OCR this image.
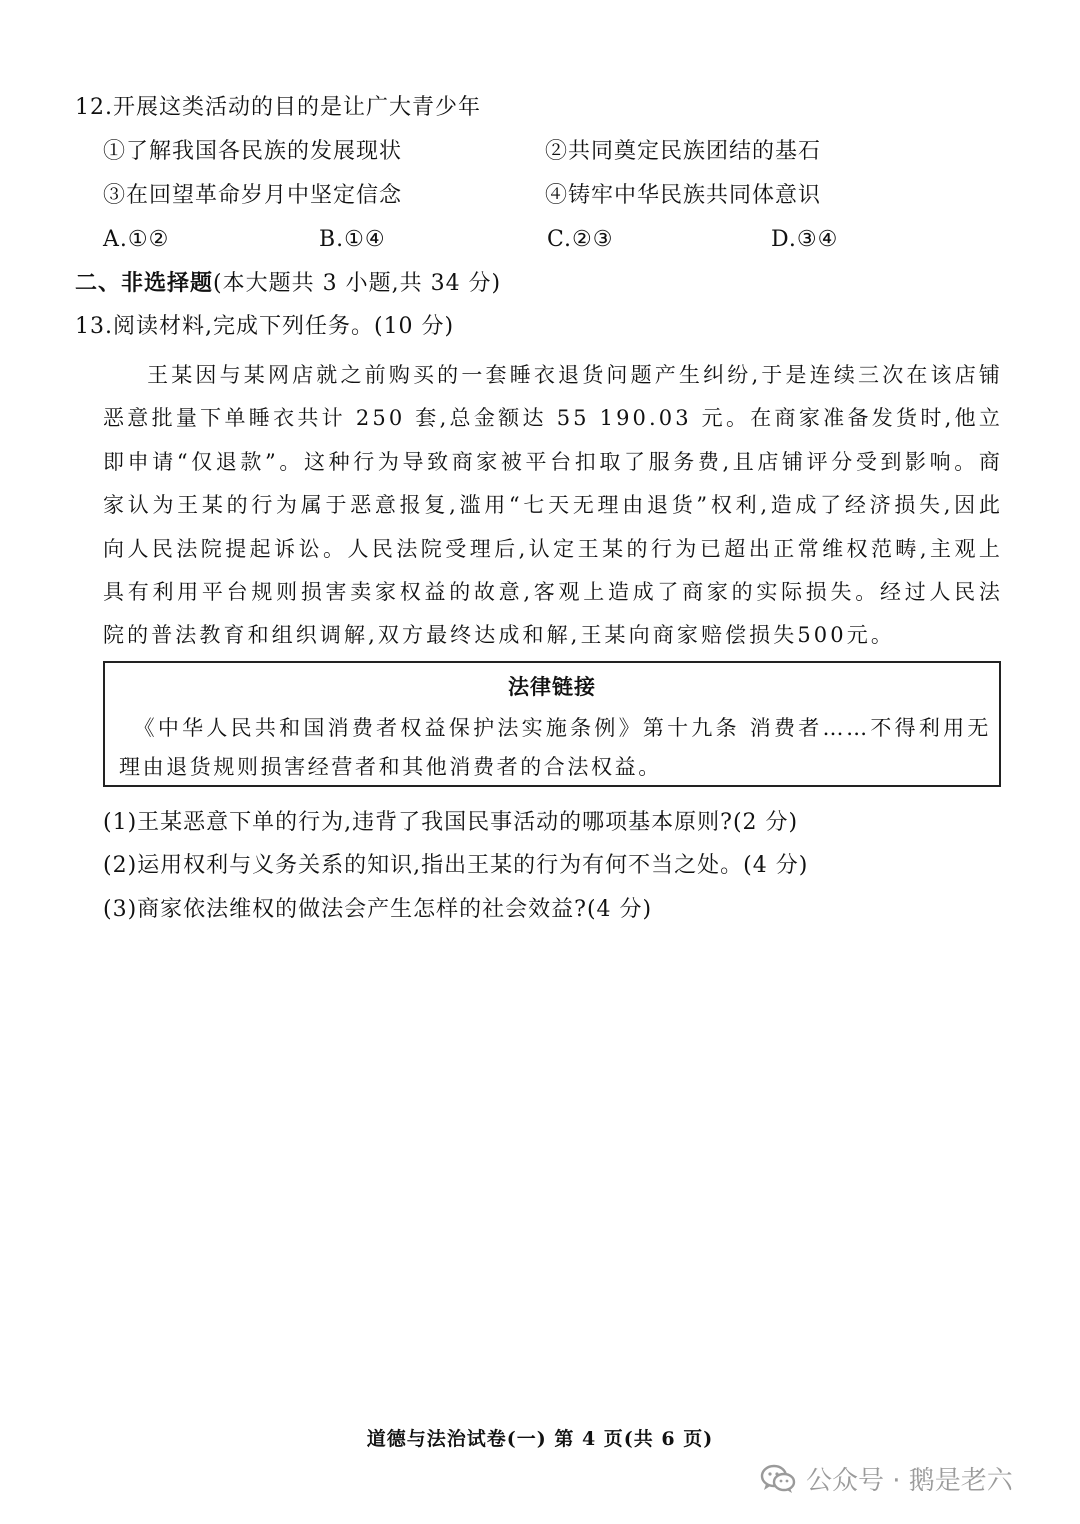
12.开展这类活动的目的是让广大青少年
①了解我国各民族的发展现状	②共同奠定民族团结的基石
③在回望革命岁月中坚定信念	④铸牢中华民族共同体意识
A.①②	B.①④	C.②③	D.③④
二、非选择题(本大题共 3 小题,共 34 分)
13.阅读材料,完成下列任务。(10 分)
王某因与某网店就之前购买的一套睡衣退货问题产生纠纷,于是连续三次在该店铺恶意批量下单睡衣共计 250 套,总金额达 55 190.03 元。在商家准备发货时,他立即申请“仅退款”。这种行为导致商家被平台扣取了服务费,且店铺评分受到影响。商家认为王某的行为属于恶意报复,滥用“七天无理由退货”权利,造成了经济损失,因此向人民法院提起诉讼。人民法院受理后,认定王某的行为已超出正常维权范畴,主观上具有利用平台规则损害卖家权益的故意,客观上造成了商家的实际损失。经过人民法院的普法教育和组织调解,双方最终达成和解,王某向商家赔偿损失500元。
法律链接
《中华人民共和国消费者权益保护法实施条例》第十九条 消费者……不得利用无理由退货规则损害经营者和其他消费者的合法权益。
(1)王某恶意下单的行为,违背了我国民事活动的哪项基本原则?(2 分)
(2)运用权利与义务关系的知识,指出王某的行为有何不当之处。(4 分)
(3)商家依法维权的做法会产生怎样的社会效益?(4 分)
道德与法治试卷(一) 第 4 页(共 6 页)
公众号 · 鹅是老六
